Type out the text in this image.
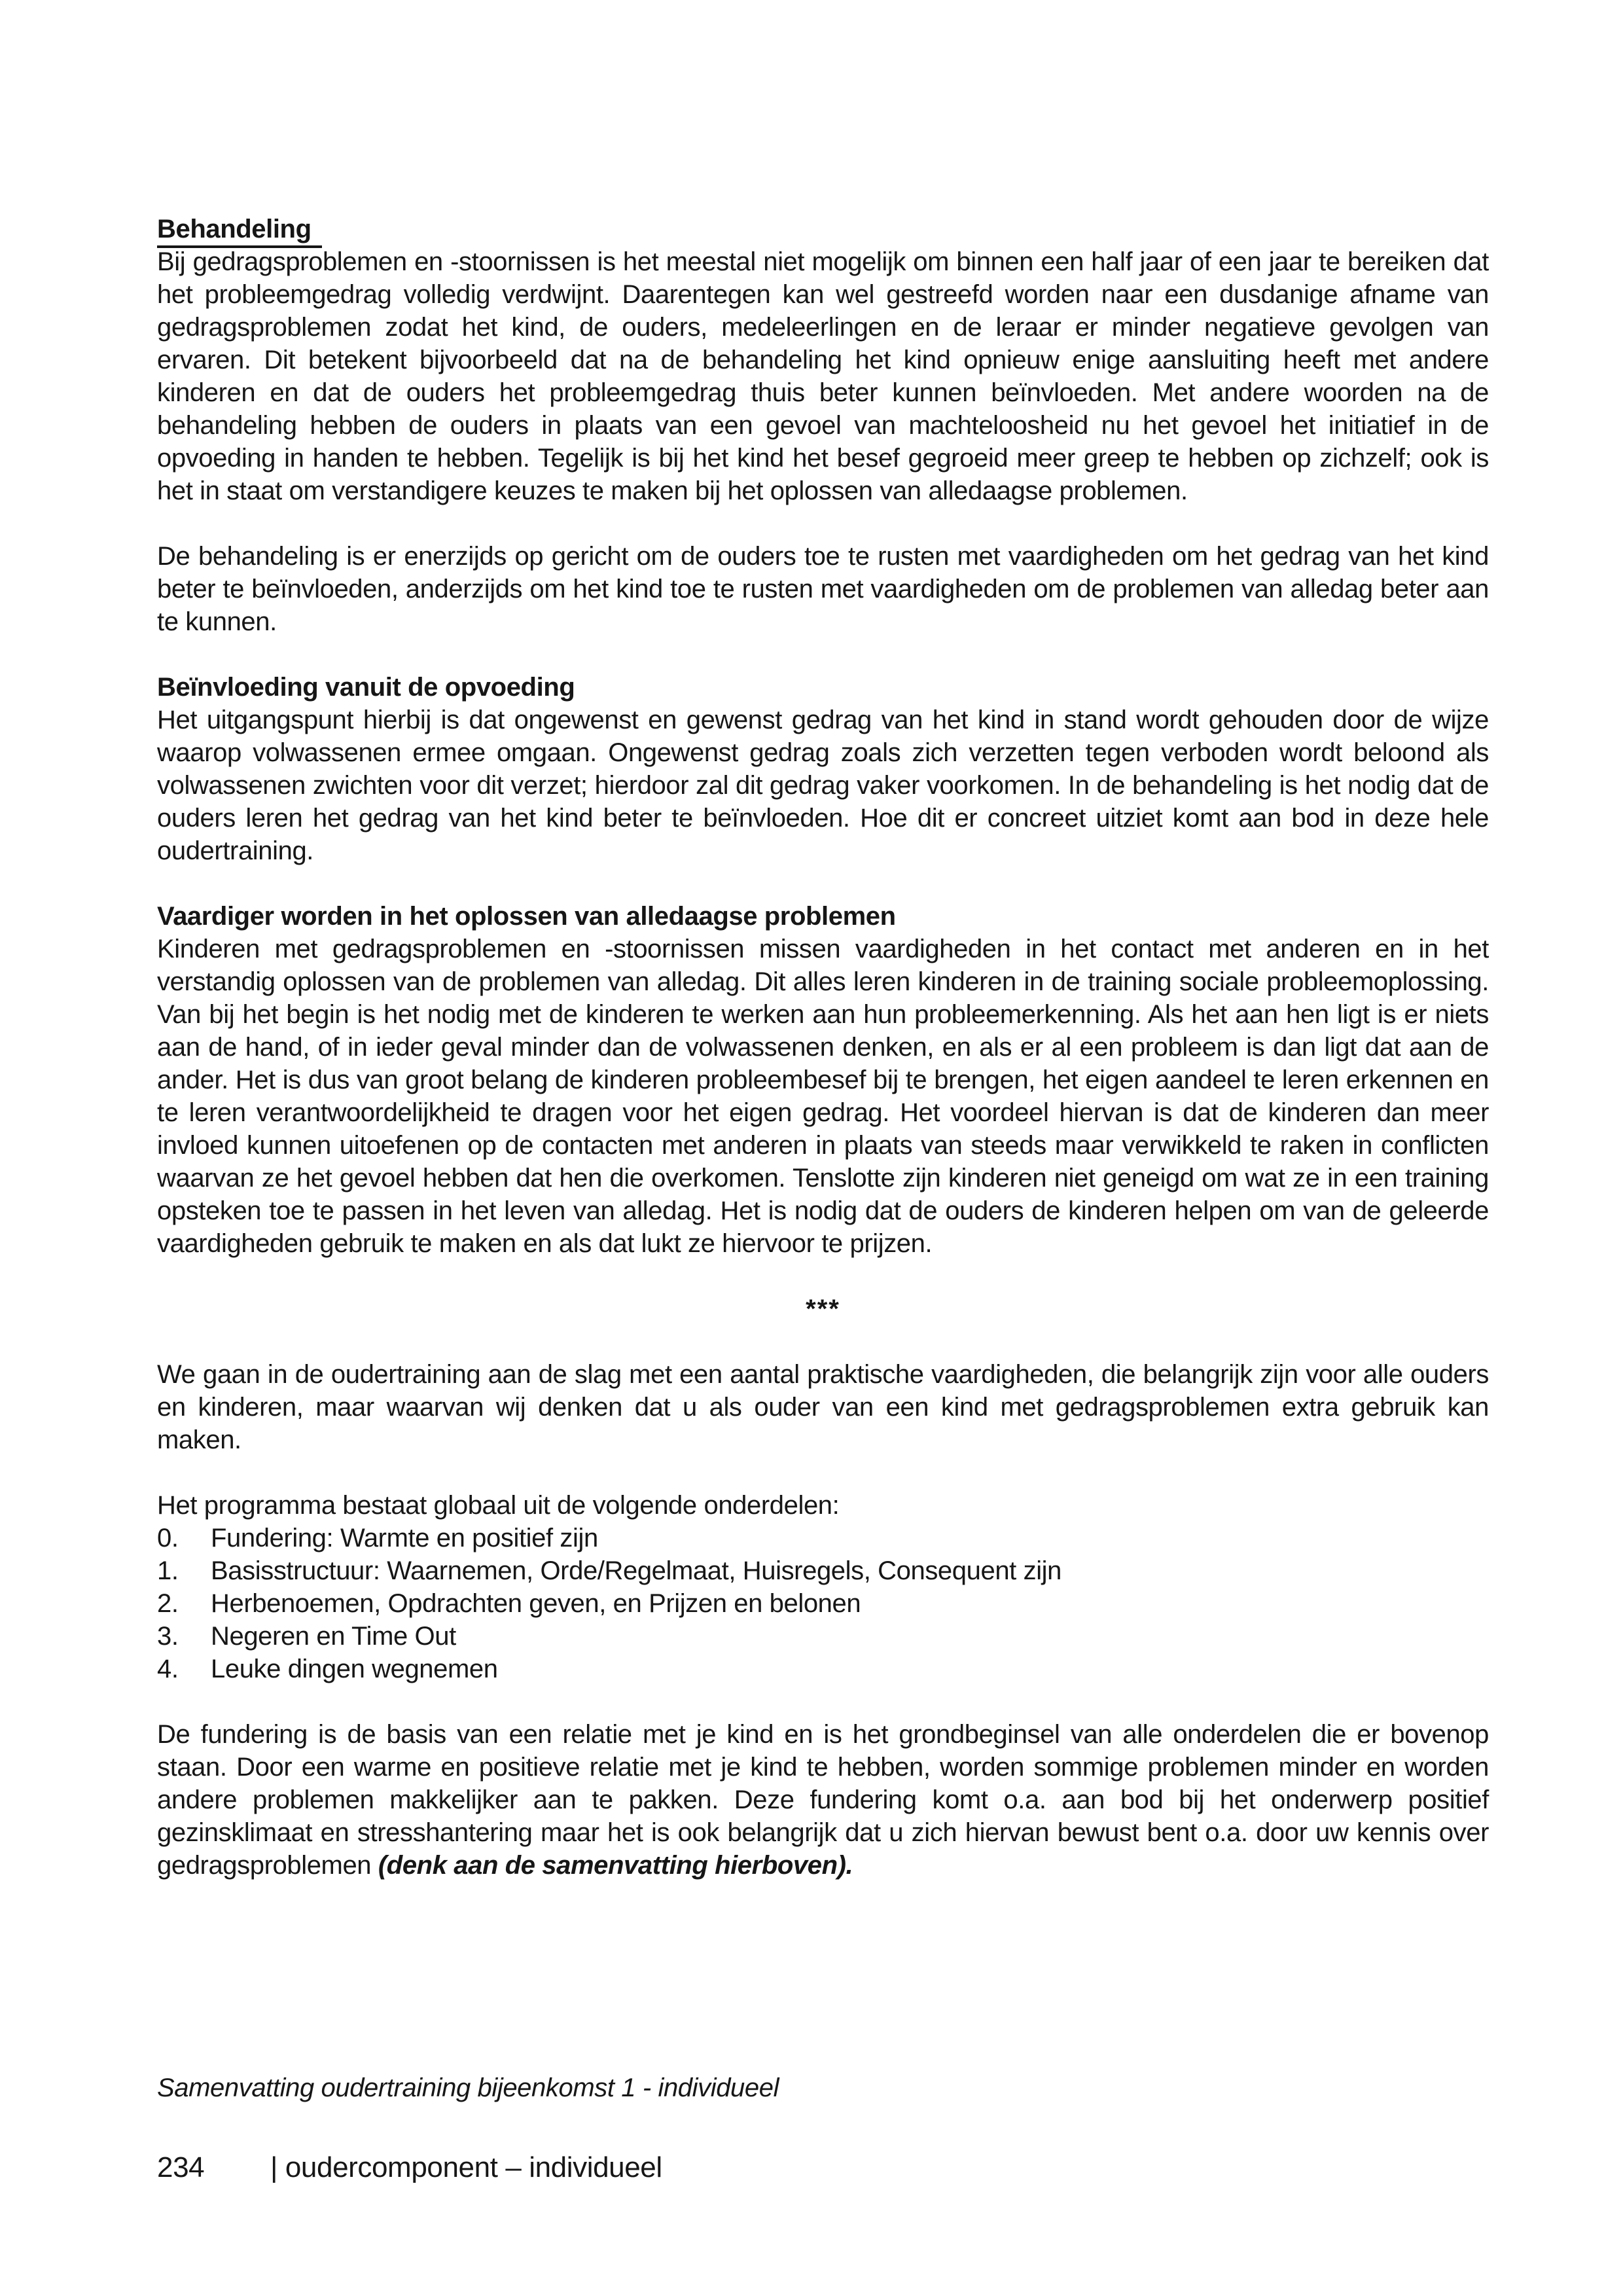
Behandeling

Bij gedragsproblemen en -stoornissen is het meestal niet mogelijk om binnen een half jaar of een jaar te bereiken dat het probleemgedrag volledig verdwijnt. Daarentegen kan wel gestreefd worden naar een dusdanige afname van gedragsproblemen zodat het kind, de ouders, medeleerlingen en de leraar er minder negatieve gevolgen van ervaren. Dit betekent bijvoorbeeld dat na de behandeling het kind opnieuw enige aansluiting heeft met andere kinderen en dat de ouders het probleemgedrag thuis beter kunnen beïnvloeden. Met andere woorden na de behandeling hebben de ouders in plaats van een gevoel van machteloosheid nu het gevoel het initiatief in de opvoeding in handen te hebben. Tegelijk is bij het kind het besef gegroeid meer greep te hebben op zichzelf; ook is het in staat om verstandigere keuzes te maken bij het oplossen van alledaagse problemen.

De behandeling is er enerzijds op gericht om de ouders toe te rusten met vaardigheden om het gedrag van het kind beter te beïnvloeden, anderzijds om het kind toe te rusten met vaardigheden om de problemen van alledag beter aan te kunnen.

Beïnvloeding vanuit de opvoeding

Het uitgangspunt hierbij is dat ongewenst en gewenst gedrag van het kind in stand wordt gehouden door de wijze waarop volwassenen ermee omgaan. Ongewenst gedrag zoals zich verzetten tegen verboden wordt beloond als volwassenen zwichten voor dit verzet; hierdoor zal dit gedrag vaker voorkomen. In de behandeling is het nodig dat de ouders leren het gedrag van het kind beter te beïnvloeden. Hoe dit er concreet uitziet komt aan bod in deze hele oudertraining.

Vaardiger worden in het oplossen van alledaagse problemen

Kinderen met gedragsproblemen en -stoornissen missen vaardigheden in het contact met anderen en in het verstandig oplossen van de problemen van alledag. Dit alles leren kinderen in de training sociale probleemoplossing. Van bij het begin is het nodig met de kinderen te werken aan hun probleemerkenning. Als het aan hen ligt is er niets aan de hand, of in ieder geval minder dan de volwassenen denken, en als er al een probleem is dan ligt dat aan de ander. Het is dus van groot belang de kinderen probleembesef bij te brengen, het eigen aandeel te leren erkennen en te leren verantwoordelijkheid te dragen voor het eigen gedrag. Het voordeel hiervan is dat de kinderen dan meer invloed kunnen uitoefenen op de contacten met anderen in plaats van steeds maar verwikkeld te raken in conflicten waarvan ze het gevoel hebben dat hen die overkomen. Tenslotte zijn kinderen niet geneigd om wat ze in een training opsteken toe te passen in het leven van alledag. Het is nodig dat de ouders de kinderen helpen om van de geleerde vaardigheden gebruik te maken en als dat lukt ze hiervoor te prijzen.

***

We gaan in de oudertraining aan de slag met een aantal praktische vaardigheden, die belangrijk zijn voor alle ouders en kinderen, maar waarvan wij denken dat u als ouder van een kind met gedragsproblemen extra gebruik kan maken.

Het programma bestaat globaal uit de volgende onderdelen:

0.	Fundering: Warmte en positief zijn
1.	Basisstructuur: Waarnemen, Orde/Regelmaat, Huisregels, Consequent zijn
2.	Herbenoemen, Opdrachten geven, en Prijzen en belonen
3.	Negeren en Time Out
4.	Leuke dingen wegnemen

De fundering is de basis van een relatie met je kind en is het grondbeginsel van alle onderdelen die er bovenop staan. Door een warme en positieve relatie met je kind te hebben, worden sommige problemen minder en worden andere problemen makkelijker aan te pakken. Deze fundering komt o.a. aan bod bij het onderwerp positief gezinsklimaat en stresshantering maar het is ook belangrijk dat u zich hiervan bewust bent o.a. door uw kennis over gedragsproblemen (denk aan de samenvatting hierboven).

Samenvatting oudertraining bijeenkomst 1 - individueel
234 | oudercomponent – individueel
